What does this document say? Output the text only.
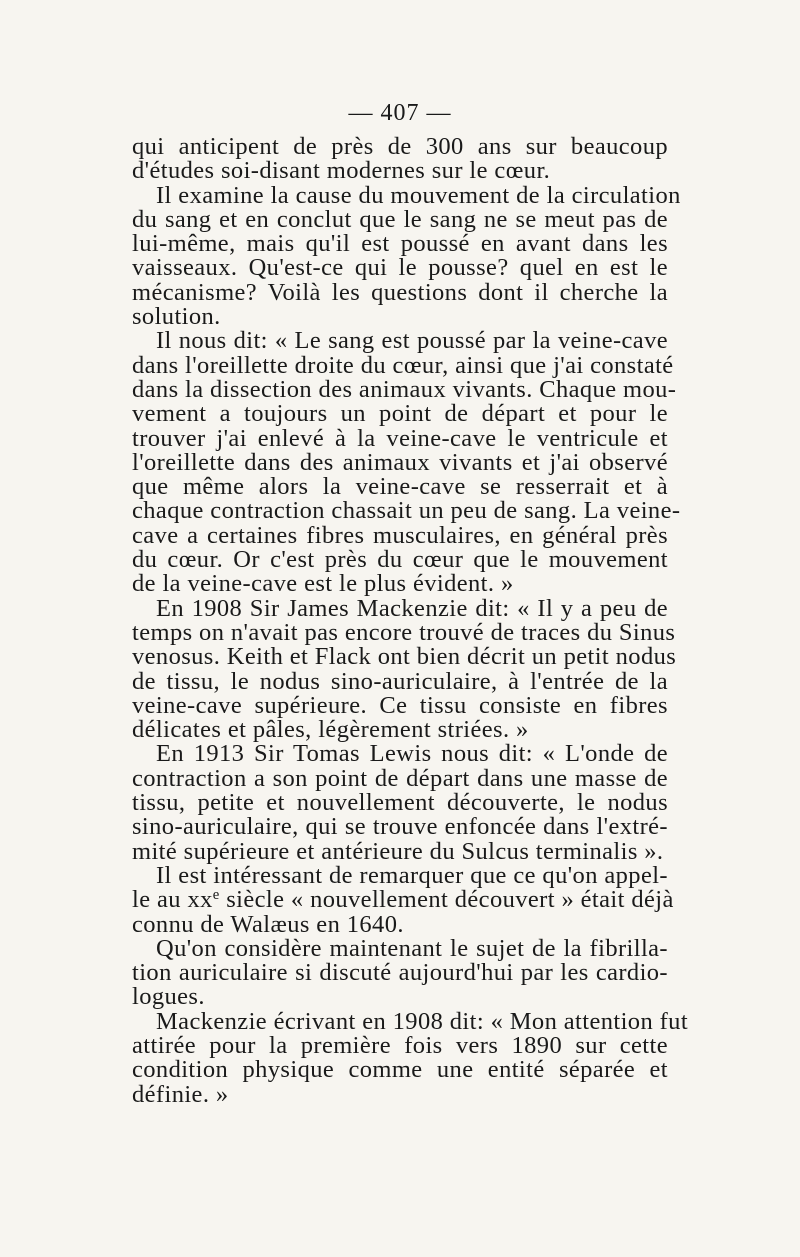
— 407 —
qui anticipent de près de 300 ans sur beaucoup
d'études soi-disant modernes sur le cœur.
Il examine la cause du mouvement de la circulation
du sang et en conclut que le sang ne se meut pas de
lui-même, mais qu'il est poussé en avant dans les
vaisseaux. Qu'est-ce qui le pousse? quel en est le
mécanisme? Voilà les questions dont il cherche la
solution.
Il nous dit: « Le sang est poussé par la veine-cave
dans l'oreillette droite du cœur, ainsi que j'ai constaté
dans la dissection des animaux vivants. Chaque mou-
vement a toujours un point de départ et pour le
trouver j'ai enlevé à la veine-cave le ventricule et
l'oreillette dans des animaux vivants et j'ai observé
que même alors la veine-cave se resserrait et à
chaque contraction chassait un peu de sang. La veine-
cave a certaines fibres musculaires, en général près
du cœur. Or c'est près du cœur que le mouvement
de la veine-cave est le plus évident. »
En 1908 Sir James Mackenzie dit: « Il y a peu de
temps on n'avait pas encore trouvé de traces du Sinus
venosus. Keith et Flack ont bien décrit un petit nodus
de tissu, le nodus sino-auriculaire, à l'entrée de la
veine-cave supérieure. Ce tissu consiste en fibres
délicates et pâles, légèrement striées. »
En 1913 Sir Tomas Lewis nous dit: « L'onde de
contraction a son point de départ dans une masse de
tissu, petite et nouvellement découverte, le nodus
sino-auriculaire, qui se trouve enfoncée dans l'extré-
mité supérieure et antérieure du Sulcus terminalis ».
Il est intéressant de remarquer que ce qu'on appel-
le au $xx^e$ siècle « nouvellement découvert » était déjà
connu de Walæus en 1640.
Qu'on considère maintenant le sujet de la fibrilla-
tion auriculaire si discuté aujourd'hui par les cardio-
logues.
Mackenzie écrivant en 1908 dit: « Mon attention fut
attirée pour la première fois vers 1890 sur cette
condition physique comme une entité séparée et
définie. »
